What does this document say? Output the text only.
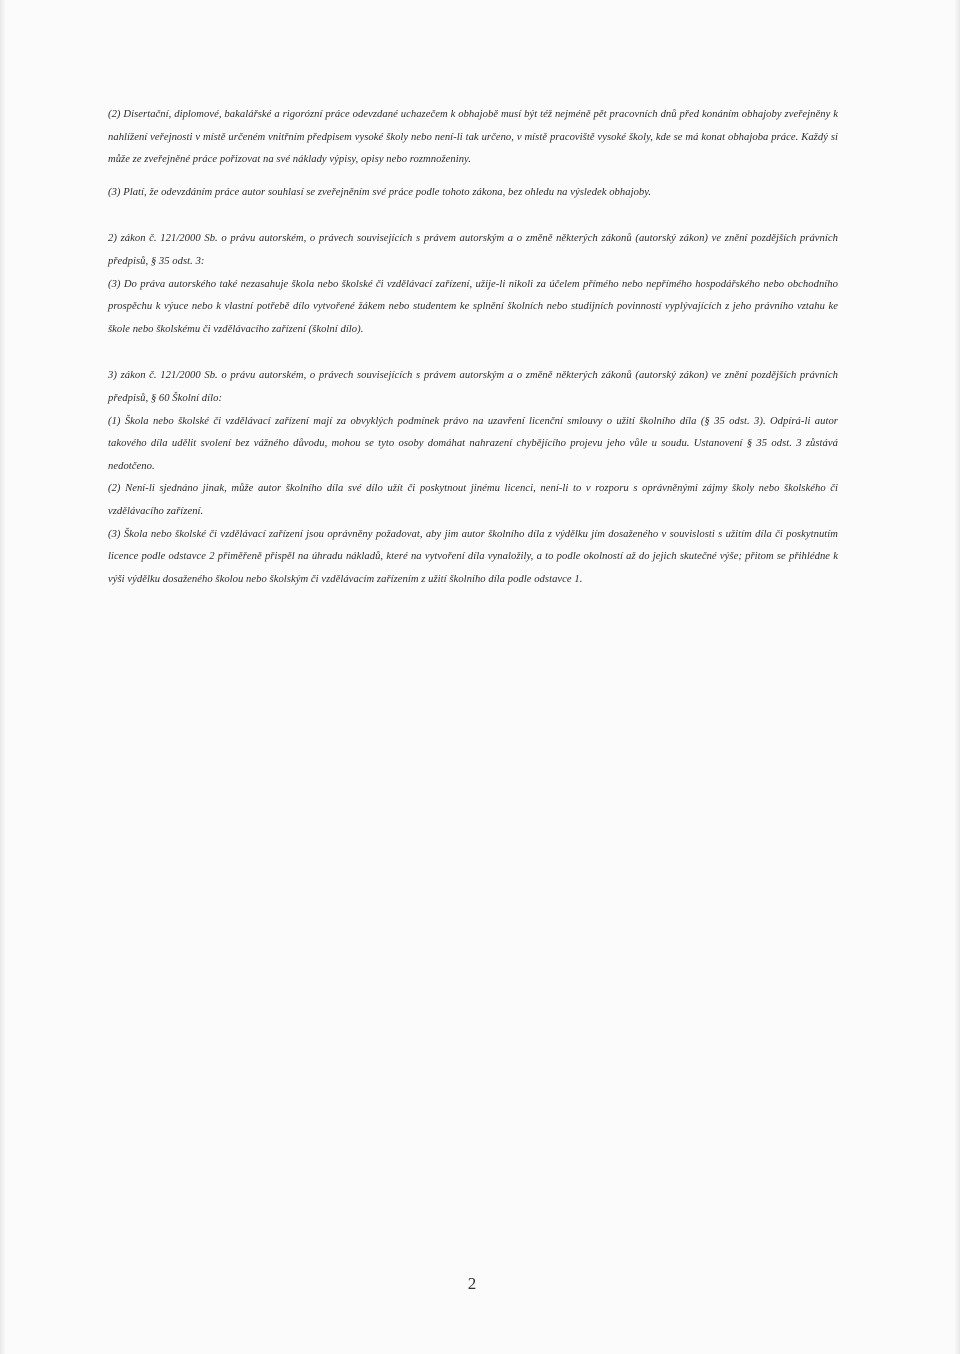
(2) Disertační, diplomové, bakalářské a rigorózní práce odevzdané uchazečem k obhajobě musí být též nejméně pět pracovních dnů před konáním obhajoby zveřejněny k nahlížení veřejnosti v místě určeném vnitřním předpisem vysoké školy nebo není-li tak určeno, v místě pracoviště vysoké školy, kde se má konat obhajoba práce. Každý si může ze zveřejněné práce pořizovat na své náklady výpisy, opisy nebo rozmnoženiny.

(3) Platí, že odevzdáním práce autor souhlasí se zveřejněním své práce podle tohoto zákona, bez ohledu na výsledek obhajoby.

2) zákon č. 121/2000 Sb. o právu autorském, o právech souvisejících s právem autorským a o změně některých zákonů (autorský zákon) ve znění pozdějších právních předpisů, § 35 odst. 3:

(3) Do práva autorského také nezasahuje škola nebo školské či vzdělávací zařízení, užije-li nikoli za účelem přímého nebo nepřímého hospodářského nebo obchodního prospěchu k výuce nebo k vlastní potřebě dílo vytvořené žákem nebo studentem ke splnění školních nebo studijních povinností vyplývajících z jeho právního vztahu ke škole nebo školskému či vzdělávacího zařízení (školní dílo).

3) zákon č. 121/2000 Sb. o právu autorském, o právech souvisejících s právem autorským a o změně některých zákonů (autorský zákon) ve znění pozdějších právních předpisů, § 60 Školní dílo:

(1) Škola nebo školské či vzdělávací zařízení mají za obvyklých podmínek právo na uzavření licenční smlouvy o užití školního díla (§ 35 odst. 3). Odpírá-li autor takového díla udělit svolení bez vážného důvodu, mohou se tyto osoby domáhat nahrazení chybějícího projevu jeho vůle u soudu. Ustanovení § 35 odst. 3 zůstává nedotčeno.

(2) Není-li sjednáno jinak, může autor školního díla své dílo užít či poskytnout jinému licenci, není-li to v rozporu s oprávněnými zájmy školy nebo školského či vzdělávacího zařízení.

(3) Škola nebo školské či vzdělávací zařízení jsou oprávněny požadovat, aby jim autor školního díla z výdělku jím dosaženého v souvislosti s užitím díla či poskytnutím licence podle odstavce 2 přiměřeně přispěl na úhradu nákladů, které na vytvoření díla vynaložily, a to podle okolností až do jejich skutečné výše; přitom se přihlédne k výši výdělku dosaženého školou nebo školským či vzdělávacím zařízením z užití školního díla podle odstavce 1.

2
